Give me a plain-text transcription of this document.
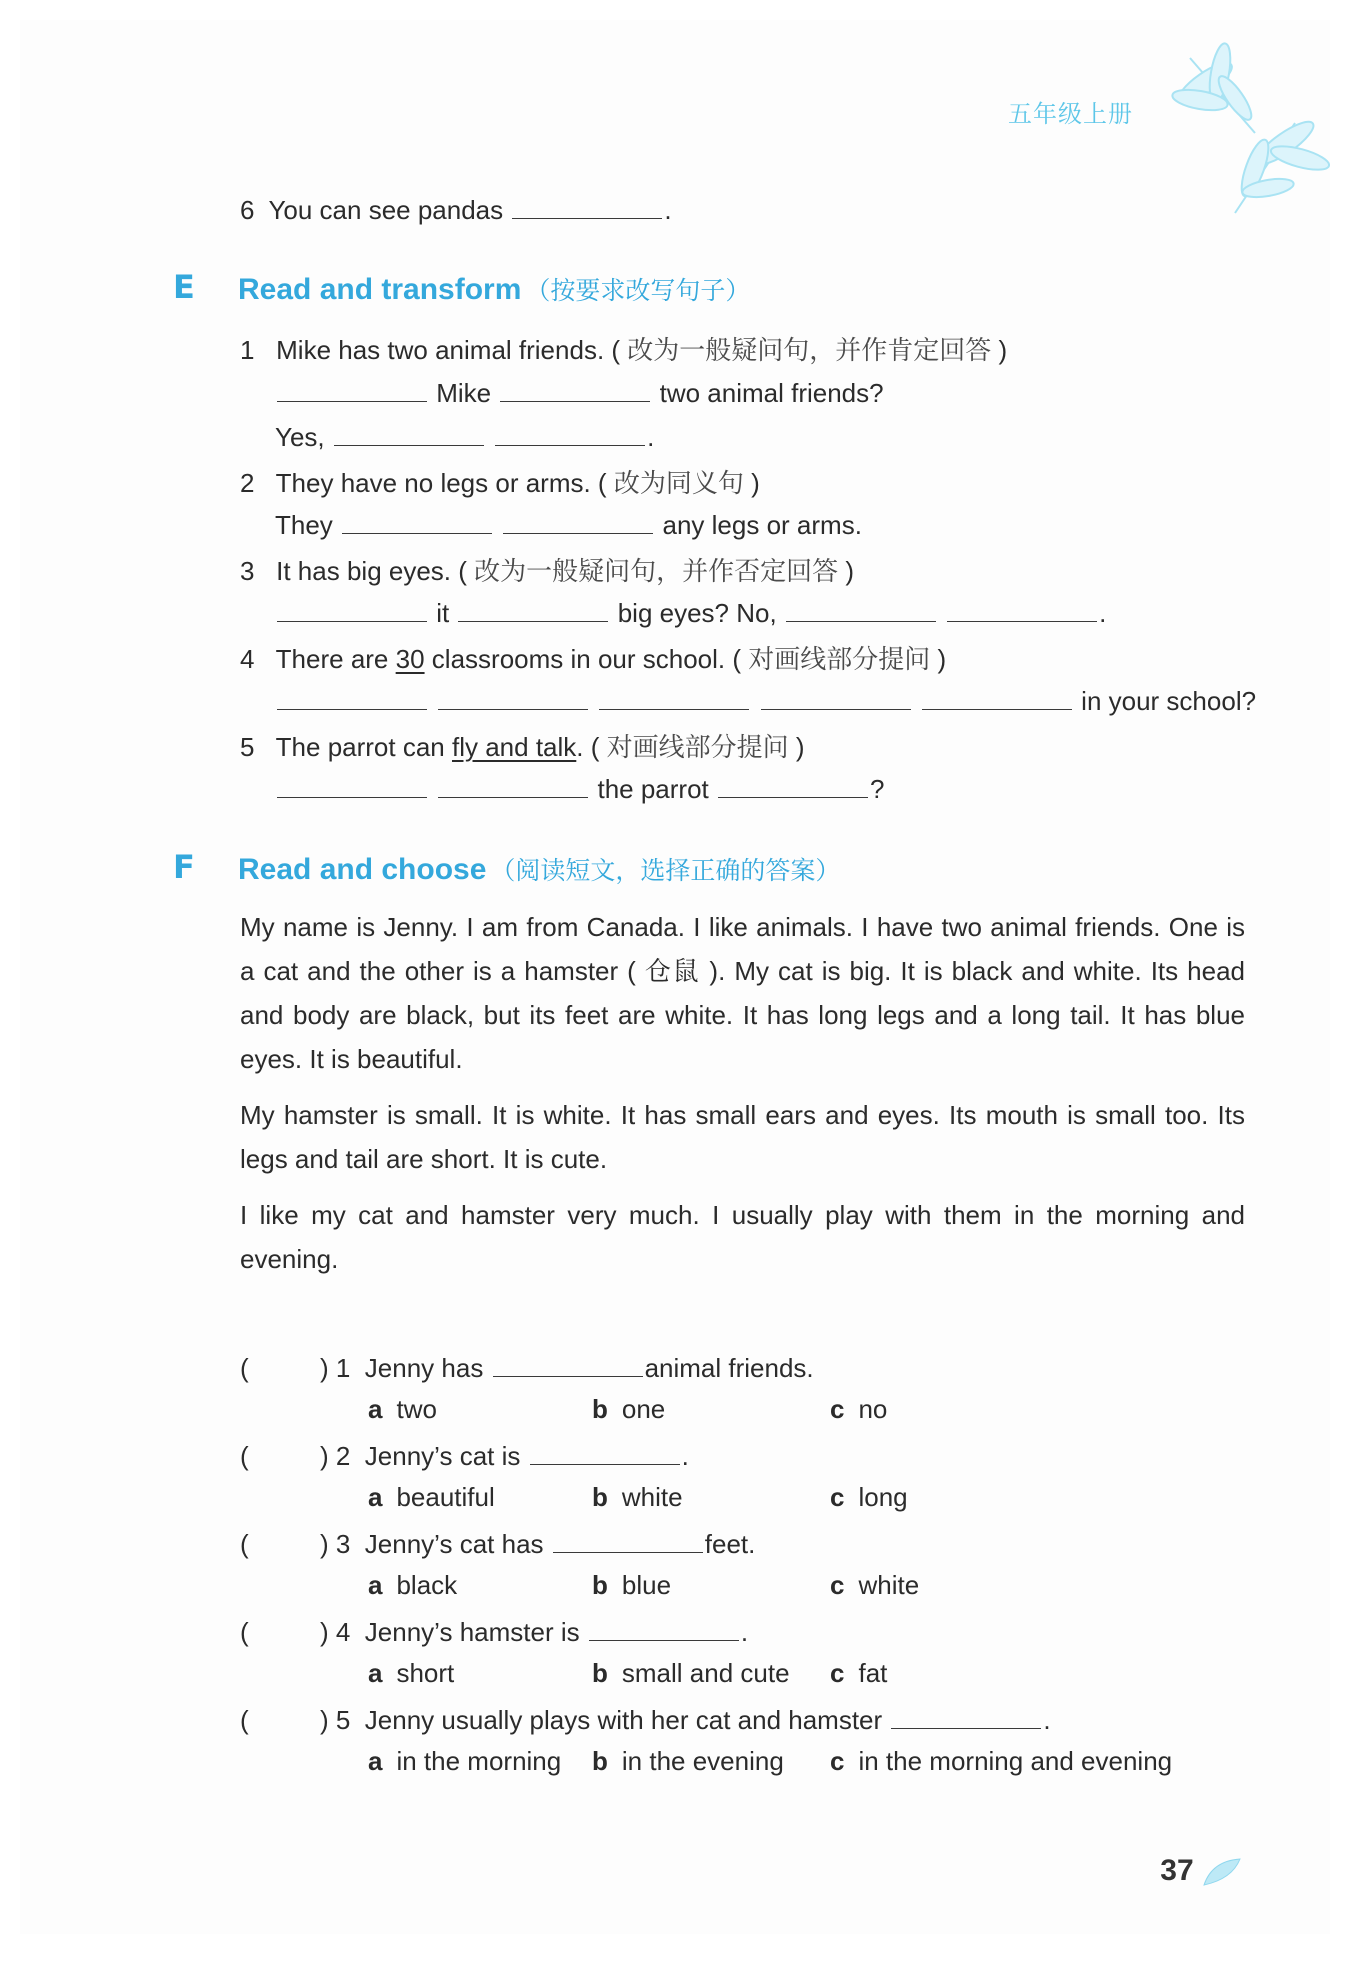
五年级上册
6 You can see pandas	.
E Read and transform （按要求改写句子）
1 Mike has two animal friends. ( 改为一般疑问句，并作肯定回答 )
Mike	two animal friends?
Yes,	.
2 They have no legs or arms. ( 改为同义句 )
They	any legs or arms.
3 It has big eyes. ( 改为一般疑问句，并作否定回答 )
it	big eyes? No,	.
4 There are 30 classrooms in our school. ( 对画线部分提问 )
in your school?
5 The parrot can fly and talk. ( 对画线部分提问 )
the parrot	?
F Read and choose （阅读短文，选择正确的答案）

My name is Jenny. I am from Canada. I like animals. I have two animal friends. One is a cat and the other is a hamster ( 仓鼠 ). My cat is big. It is black and white. Its head and body are black, but its feet are white. It has long legs and a long tail. It has blue eyes. It is beautiful.

My hamster is small. It is white. It has small ears and eyes. Its mouth is small too. Its legs and tail are short. It is cute.

I like my cat and hamster very much. I usually play with them in the morning and evening.

37
(	) 1 Jenny has	animal friends.
a two	b one	c no
(	) 2 Jenny’s cat is	.
a beautiful	b white	c long
(	) 3 Jenny’s cat has	feet.
a black	b blue	c white
(	) 4 Jenny’s hamster is	.
a short	b small and cute c fat
(	) 5 Jenny usually plays with her cat and hamster	.
a in the morning b in the evening c in the morning and evening
